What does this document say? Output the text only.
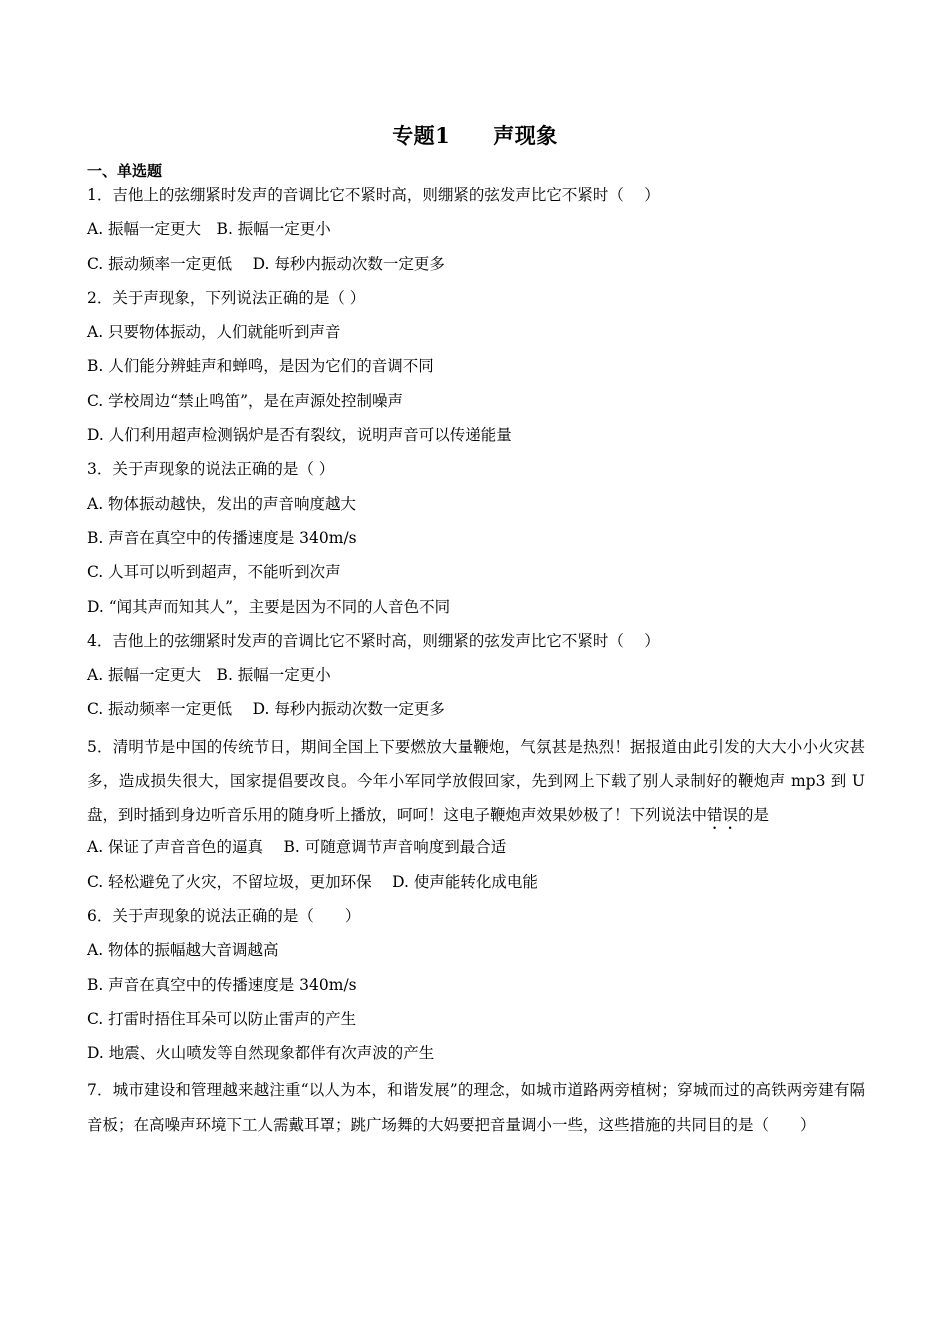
专题1　　声现象
一、单选题
1．吉他上的弦绷紧时发声的音调比它不紧时高，则绷紧的弦发声比它不紧时（　 ）
A. 振幅一定更大　B. 振幅一定更小
C. 振动频率一定更低　 D. 每秒内振动次数一定更多
2．关于声现象，下列说法正确的是（ ）
A. 只要物体振动，人们就能听到声音
B. 人们能分辨蛙声和蝉鸣，是因为它们的音调不同
C. 学校周边“禁止鸣笛”，是在声源处控制噪声
D. 人们利用超声检测锅炉是否有裂纹，说明声音可以传递能量
3．关于声现象的说法正确的是（ ）
A. 物体振动越快，发出的声音响度越大
B. 声音在真空中的传播速度是 340m/s
C. 人耳可以听到超声，不能听到次声
D. “闻其声而知其人”，主要是因为不同的人音色不同
4．吉他上的弦绷紧时发声的音调比它不紧时高，则绷紧的弦发声比它不紧时（　 ）
A. 振幅一定更大　B. 振幅一定更小
C. 振动频率一定更低　 D. 每秒内振动次数一定更多
5．清明节是中国的传统节日，期间全国上下要燃放大量鞭炮，气氛甚是热烈！据报道由此引发的大大小小火灾甚多，造成损失很大，国家提倡要改良。今年小军同学放假回家，先到网上下载了别人录制好的鞭炮声 mp3 到 U 盘，到时插到身边听音乐用的随身听上播放，呵呵！这电子鞭炮声效果妙极了！下列说法中错误的是
A. 保证了声音音色的逼真　 B. 可随意调节声音响度到最合适
C. 轻松避免了火灾，不留垃圾，更加环保　 D. 使声能转化成电能
6．关于声现象的说法正确的是（　　）
A. 物体的振幅越大音调越高
B. 声音在真空中的传播速度是 340m/s
C. 打雷时捂住耳朵可以防止雷声的产生
D. 地震、火山喷发等自然现象都伴有次声波的产生
7．城市建设和管理越来越注重“以人为本，和谐发展”的理念，如城市道路两旁植树；穿城而过的高铁两旁建有隔音板；在高噪声环境下工人需戴耳罩；跳广场舞的大妈要把音量调小一些，这些措施的共同目的是（　　）
